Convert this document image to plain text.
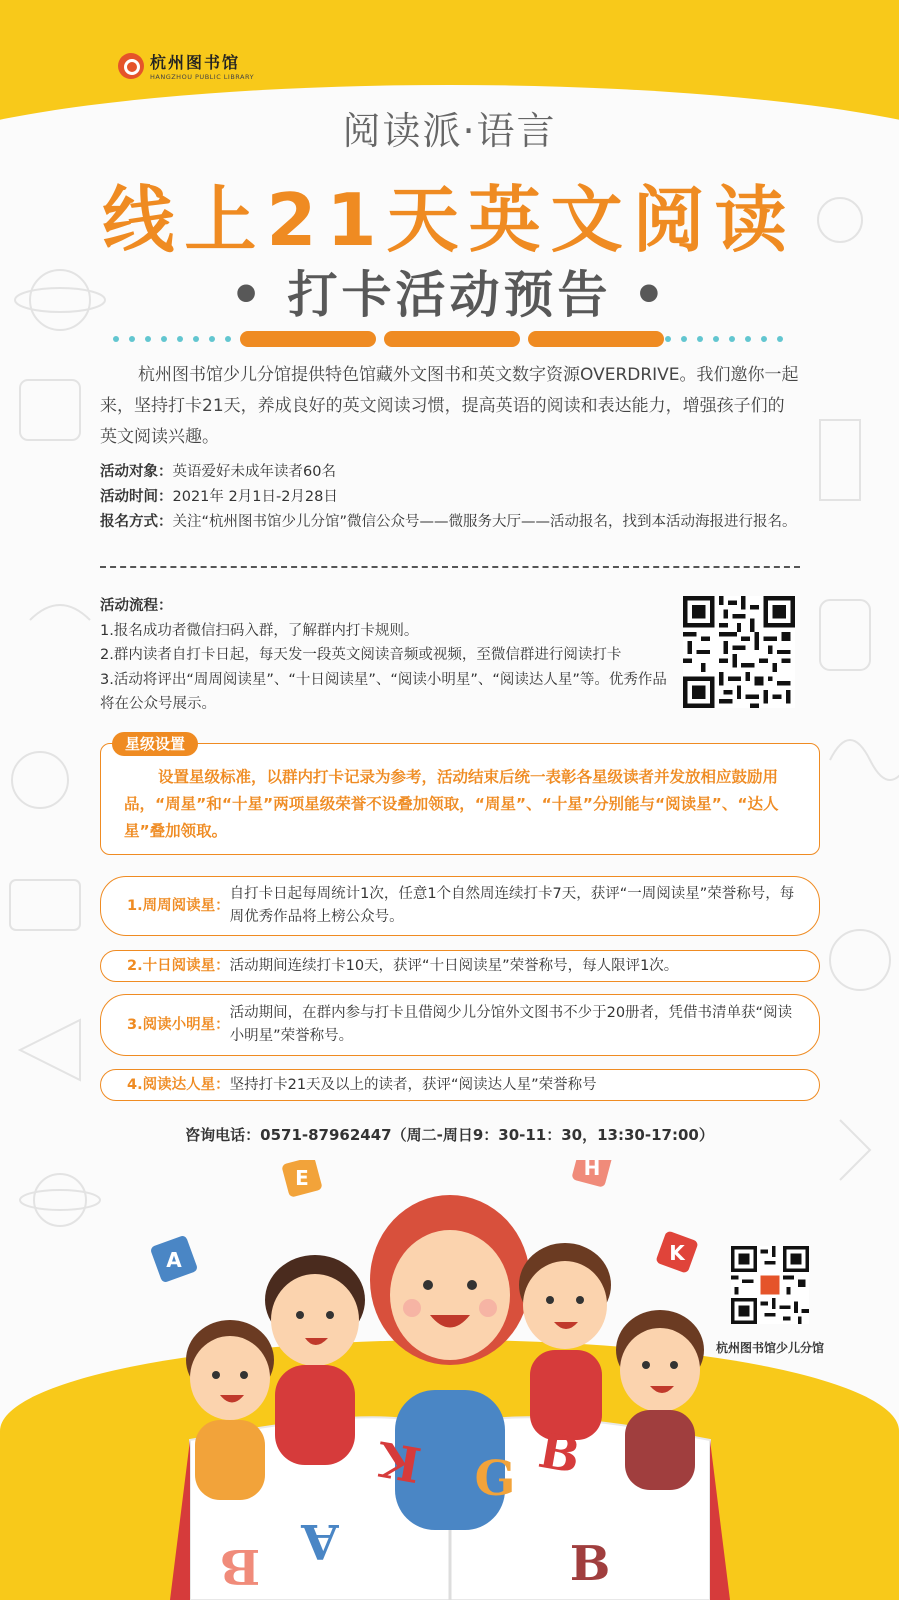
杭州图书馆
HANGZHOU PUBLIC LIBRARY
阅读派·语言
线上21天英文阅读
• 打卡活动预告 •
杭州图书馆少儿分馆提供特色馆藏外文图书和英文数字资源OVERDRIVE。我们邀你一起来，坚持打卡21天，养成良好的英文阅读习惯，提高英语的阅读和表达能力，增强孩子们的英文阅读兴趣。
活动对象： 英语爱好未成年读者60名
活动时间： 2021年 2月1日-2月28日
报名方式： 关注“杭州图书馆少儿分馆”微信公众号——微服务大厅——活动报名，找到本活动海报进行报名。
活动流程：
1.报名成功者微信扫码入群，了解群内打卡规则。
2.群内读者自打卡日起，每天发一段英文阅读音频或视频，至微信群进行阅读打卡
3.活动将评出“周周阅读星”、“十日阅读星”、“阅读小明星”、“阅读达人星”等。优秀作品将在公众号展示。
星级设置
设置星级标准，以群内打卡记录为参考，活动结束后统一表彰各星级读者并发放相应鼓励用品，“周星”和“十星”两项星级荣誉不设叠加领取，“周星”、“十星”分别能与“阅读星”、“达人星”叠加领取。
1.周周阅读星：
自打卡日起每周统计1次，任意1个自然周连续打卡7天，获评“一周阅读星”荣誉称号，每周优秀作品将上榜公众号。
2.十日阅读星： 活动期间连续打卡10天，获评“十日阅读星”荣誉称号，每人限评1次。
3.阅读小明星：
活动期间，在群内参与打卡且借阅少儿分馆外文图书不少于20册者，凭借书清单获“阅读小明星”荣誉称号。
4.阅读达人星： 坚持打卡21天及以上的读者，获评“阅读达人星”荣誉称号
咨询电话：0571-87962447（周二-周日9：30-11：30，13:30-17:00）
E	H
A	K
K G
A
B
B
B
杭州图书馆少儿分馆
